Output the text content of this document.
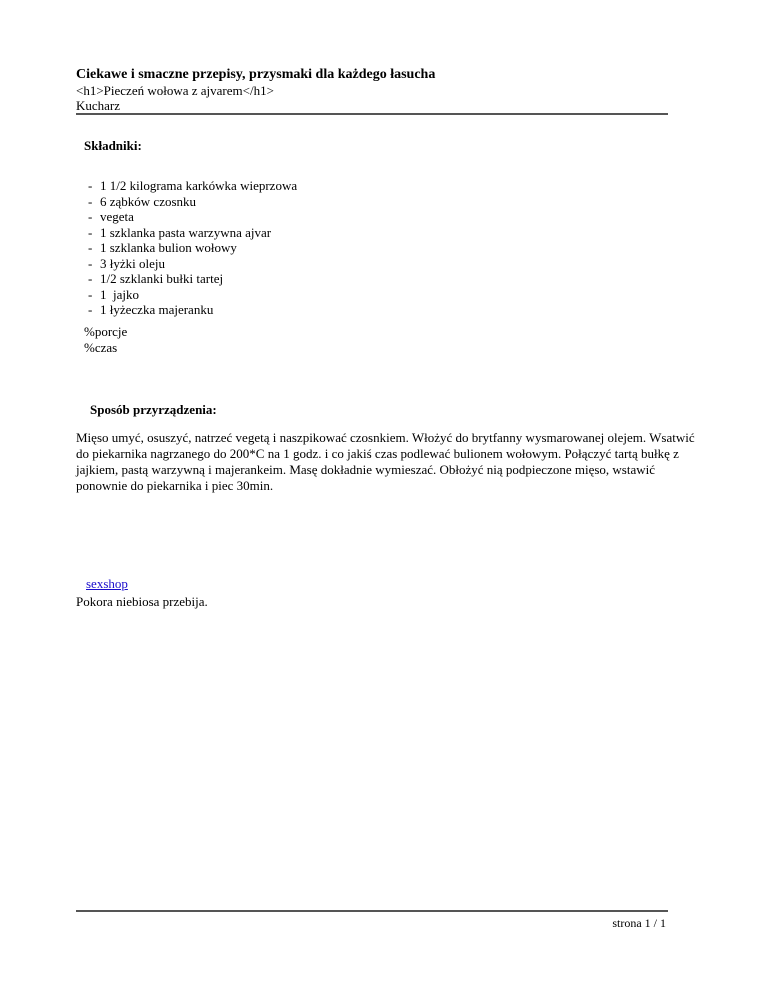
Ciekawe i smaczne przepisy, przysmaki dla każdego łasucha

<h1>Pieczeń wołowa z ajvarem</h1>

Kucharz

Składniki:

- 1 1/2 kilograma karkówka wieprzowa
- 6 ząbków czosnku
- vegeta
- 1 szklanka pasta warzywna ajvar
- 1 szklanka bulion wołowy
- 3 łyżki oleju
- 1/2 szklanki bułki tartej
- 1  jajko
- 1 łyżeczka majeranku
%porcje
%czas

Sposób przyrządzenia:

Mięso umyć, osuszyć, natrzeć vegetą i naszpikować czosnkiem. Włożyć do brytfanny wysmarowanej olejem. Wsatwić do piekarnika nagrzanego do 200*C na 1 godz. i co jakiś czas podlewać bulionem wołowym. Połączyć tartą bułkę z jajkiem, pastą warzywną i majerankeim. Masę dokładnie wymieszać. Obłożyć nią podpieczone mięso, wstawić ponownie do piekarnika i piec 30min.

sexshop
Pokora niebiosa przebija.
strona 1 / 1
